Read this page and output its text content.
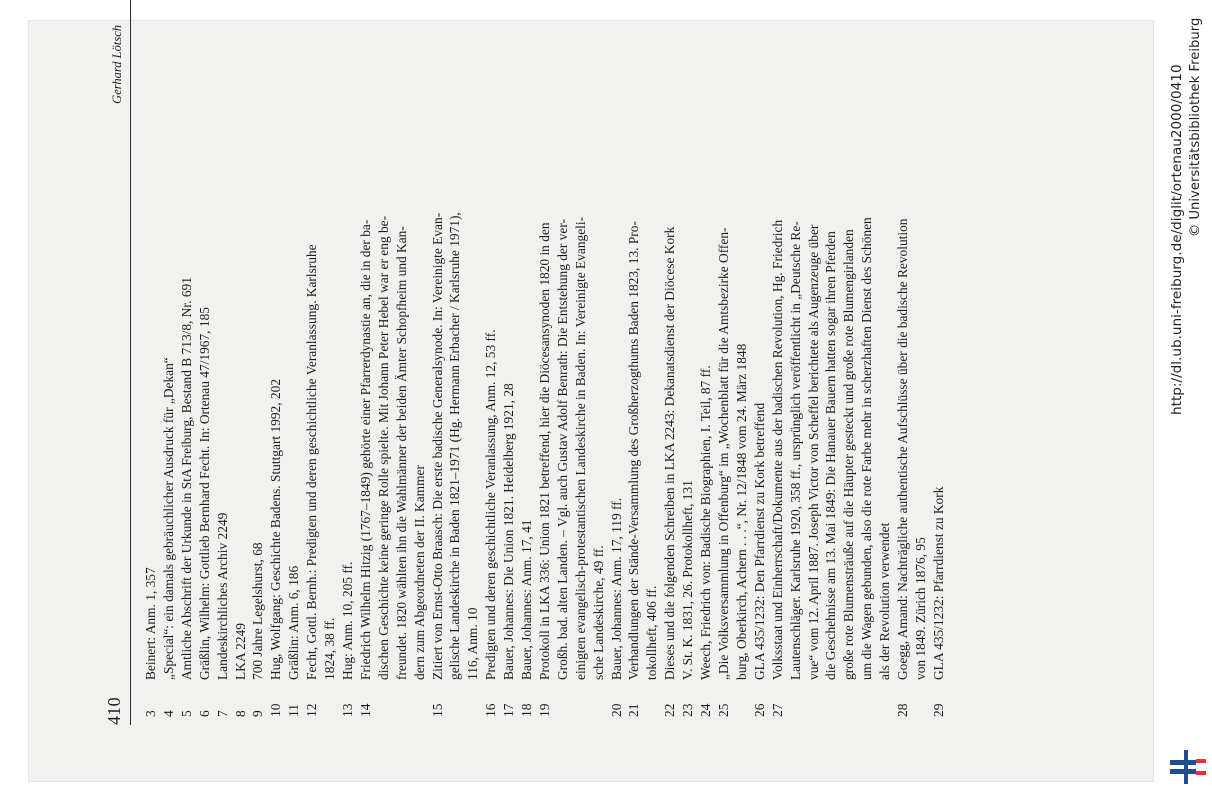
410
Gerhard Lötsch
3
Beinert: Anm. 1, 357
4
„Special“: ein damals gebräuchlicher Ausdruck für „Dekan“
5
Amtliche Abschrift der Urkunde in StA Freiburg, Bestand B 713/8, Nr. 691
6
Gräßlin, Wilhelm: Gottlieb Bernhard Fecht. In: Ortenau 47/1967, 185
7
Landeskirchliches Archiv 2249
8
LKA 2249
9
700 Jahre Legelshurst, 68
10
Hug, Wolfgang: Geschichte Badens. Stuttgart 1992, 202
11
Gräßlin: Anm. 6, 186
12
Fecht, Gottl. Bernh.: Predigten und deren geschichtliche Veranlassung. Karlsruhe 1824, 38 ff.
13
Hug: Anm. 10, 205 ff.
14
Friedrich Wilhelm Hitzig (1767–1849) gehörte einer Pfarrerdynastie an, die in der ba- dischen Geschichte keine geringe Rolle spielte. Mit Johann Peter Hebel war er eng be- freundet. 1820 wählten ihn die Wahlmänner der beiden Ämter Schopfheim und Kan- dern zum Abgeordneten der II. Kammer
15
Zitiert von Ernst-Otto Braasch: Die erste badische Generalsynode. In: Vereinigte Evan- gelische Landeskirche in Baden 1821–1971 (Hg. Hermann Erbacher / Karlsruhe 1971), 116, Anm. 10
16
Predigten und deren geschichtliche Veranlassung, Anm. 12, 53 ff.
17
Bauer, Johannes: Die Union 1821. Heidelberg 1921, 28
18
Bauer, Johannes: Anm. 17, 41
19
Protokoll in LKA 336: Union 1821 betreffend, hier die Diöcesansynoden 1820 in den Großh. bad. alten Landen. – Vgl. auch Gustav Adolf Benrath: Die Entstehung der ver- einigten evangelisch-protestantischen Landeskirche in Baden. In: Vereinigte Evangeli- sche Landeskirche, 49 ff.
20
Bauer, Johannes: Anm. 17, 119 ff.
21
Verhandlungen der Stände-Versammlung des Großherzogthums Baden 1823, 13. Pro- tokollheft, 406 ff.
22
Dieses und die folgenden Schreiben in LKA 2243: Dekanatsdienst der Diöcese Kork
23
V. St. K. 1831, 26. Protokollheft, 131
24
Weech, Friedrich von: Badische Biographien, I. Teil, 87 ff.
25
„Die Volksversammlung in Offenburg“ im „Wochenblatt für die Amtsbezirke Offen- burg, Oberkirch, Achern . . .“, Nr. 12/1848 vom 24. März 1848
26
GLA 435/1232: Den Pfarrdienst zu Kork betreffend
27
Volksstaat und Einherrschaft/Dokumente aus der badischen Revolution, Hg. Friedrich Lautenschläger. Karlsruhe 1920, 358 ff., ursprünglich veröffentlicht in „Deutsche Re- vue“ vom 12. April 1887. Joseph Victor von Scheffel berichtete als Augenzeuge über die Geschehnisse am 13. Mai 1849: Die Hanauer Bauern hatten sogar ihren Pferden große rote Blumensträuße auf die Häupter gesteckt und große rote Blumengirlanden um die Wagen gebunden, also die rote Farbe mehr in scherzhaften Dienst des Schönen als der Revolution verwendet
28
Goegg, Amand: Nachträgliche authentische Aufschlüsse über die badische Revolution von 1849. Zürich 1876, 95
29
GLA 435/1232: Pfarrdienst zu Kork
http://dl.ub.uni-freiburg.de/diglit/ortenau2000/0410 © Universitätsbibliothek Freiburg
